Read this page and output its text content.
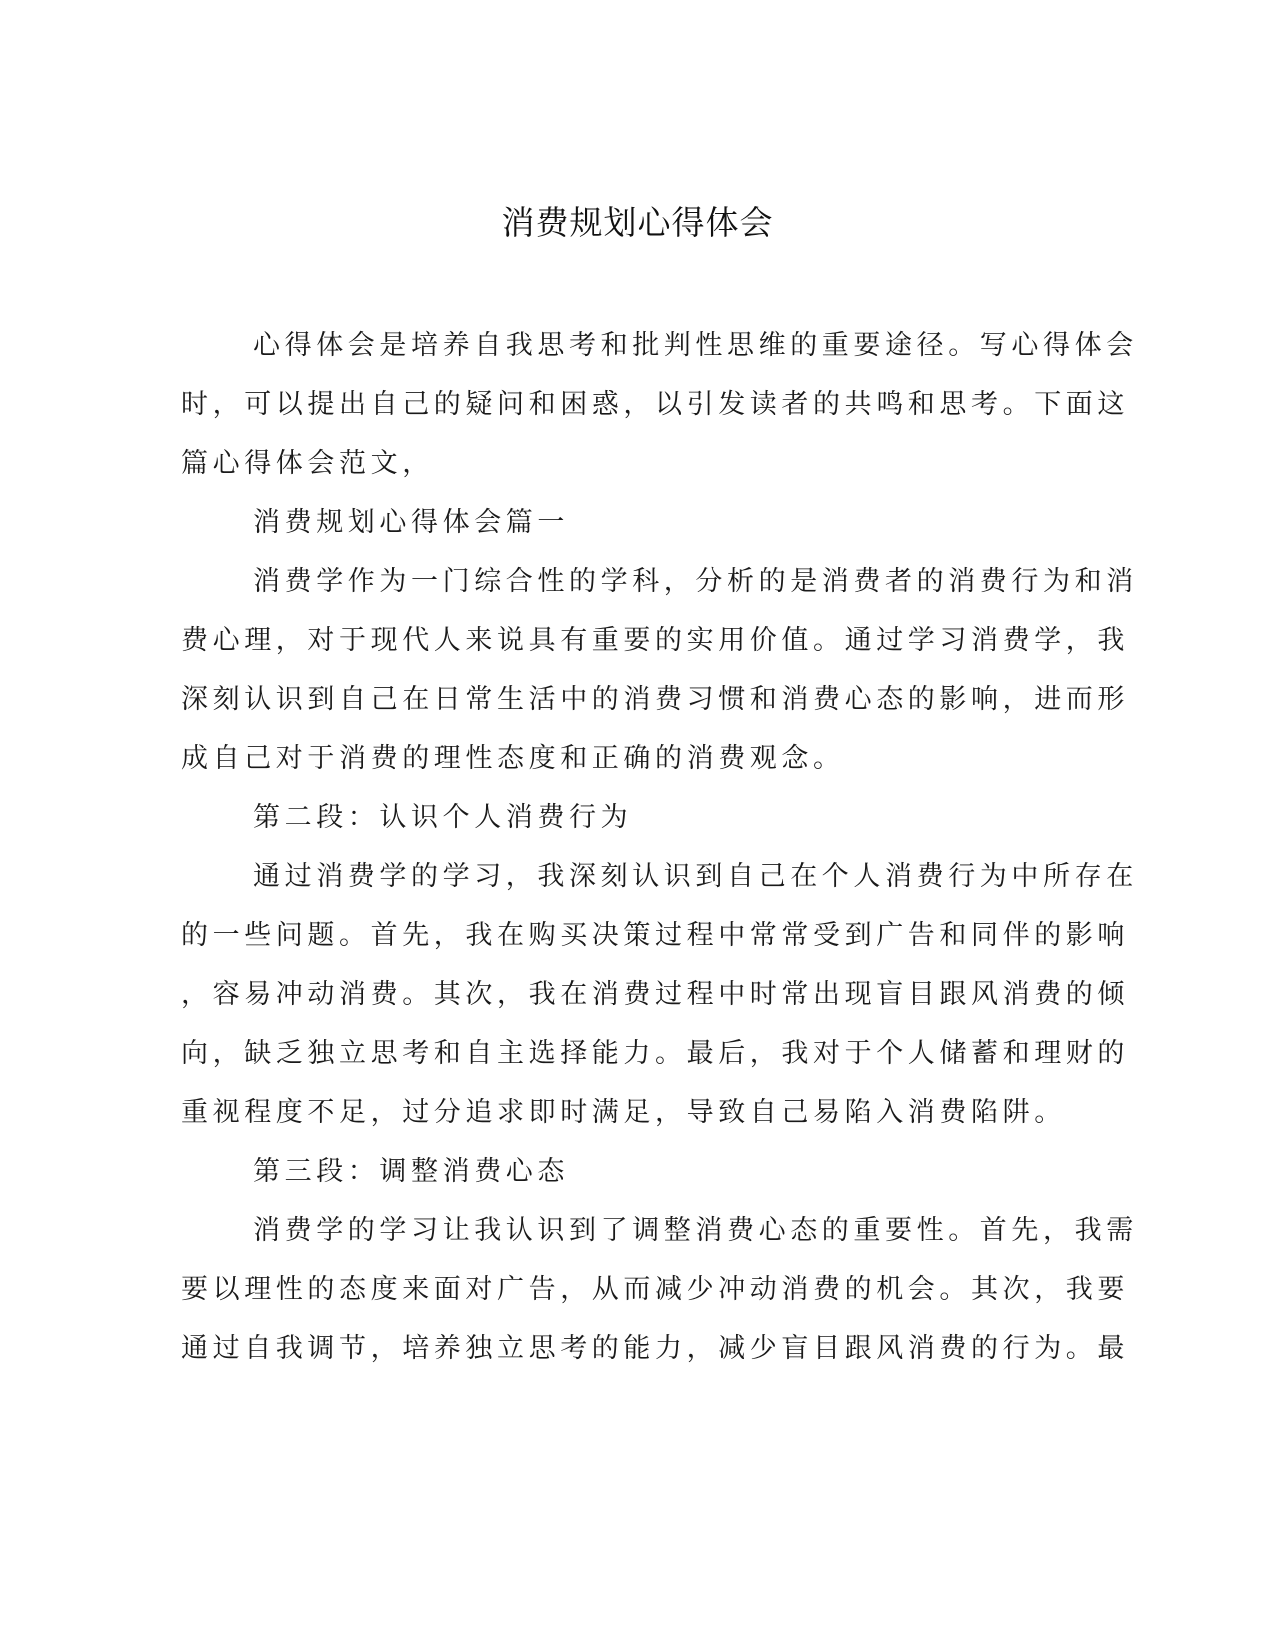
消费规划心得体会
心得体会是培养自我思考和批判性思维的重要途径。写心得体会
时，可以提出自己的疑问和困惑，以引发读者的共鸣和思考。下面这
篇心得体会范文，
消费规划心得体会篇一
消费学作为一门综合性的学科，分析的是消费者的消费行为和消
费心理，对于现代人来说具有重要的实用价值。通过学习消费学，我
深刻认识到自己在日常生活中的消费习惯和消费心态的影响，进而形
成自己对于消费的理性态度和正确的消费观念。
第二段：认识个人消费行为
通过消费学的学习，我深刻认识到自己在个人消费行为中所存在
的一些问题。首先，我在购买决策过程中常常受到广告和同伴的影响
，容易冲动消费。其次，我在消费过程中时常出现盲目跟风消费的倾
向，缺乏独立思考和自主选择能力。最后，我对于个人储蓄和理财的
重视程度不足，过分追求即时满足，导致自己易陷入消费陷阱。
第三段：调整消费心态
消费学的学习让我认识到了调整消费心态的重要性。首先，我需
要以理性的态度来面对广告，从而减少冲动消费的机会。其次，我要
通过自我调节，培养独立思考的能力，减少盲目跟风消费的行为。最
